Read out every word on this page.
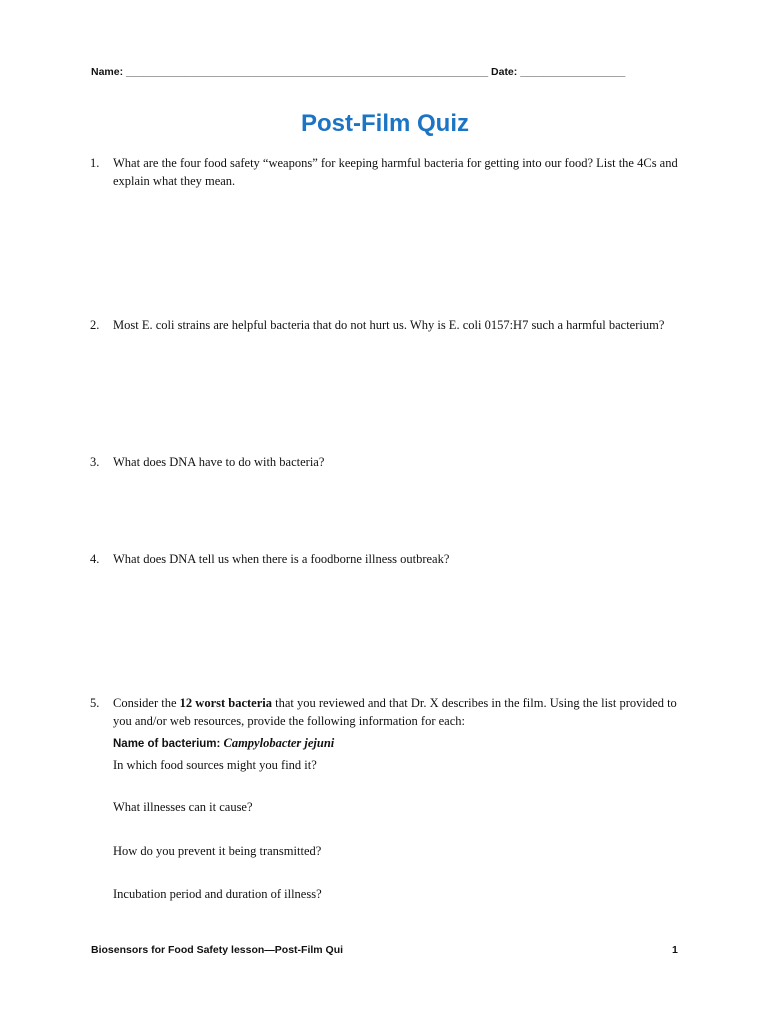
Name: ______________________________________________________________ Date: __________________
Post-Film Quiz
1. What are the four food safety “weapons” for keeping harmful bacteria for getting into our food? List the 4Cs and explain what they mean.
2. Most E. coli strains are helpful bacteria that do not hurt us. Why is E. coli 0157:H7 such a harmful bacterium?
3. What does DNA have to do with bacteria?
4. What does DNA tell us when there is a foodborne illness outbreak?
5. Consider the 12 worst bacteria that you reviewed and that Dr. X describes in the film. Using the list provided to you and/or web resources, provide the following information for each:
Name of bacterium: Campylobacter jejuni
In which food sources might you find it?
What illnesses can it cause?
How do you prevent it being transmitted?
Incubation period and duration of illness?
Biosensors for Food Safety lesson—Post-Film Qui	1
